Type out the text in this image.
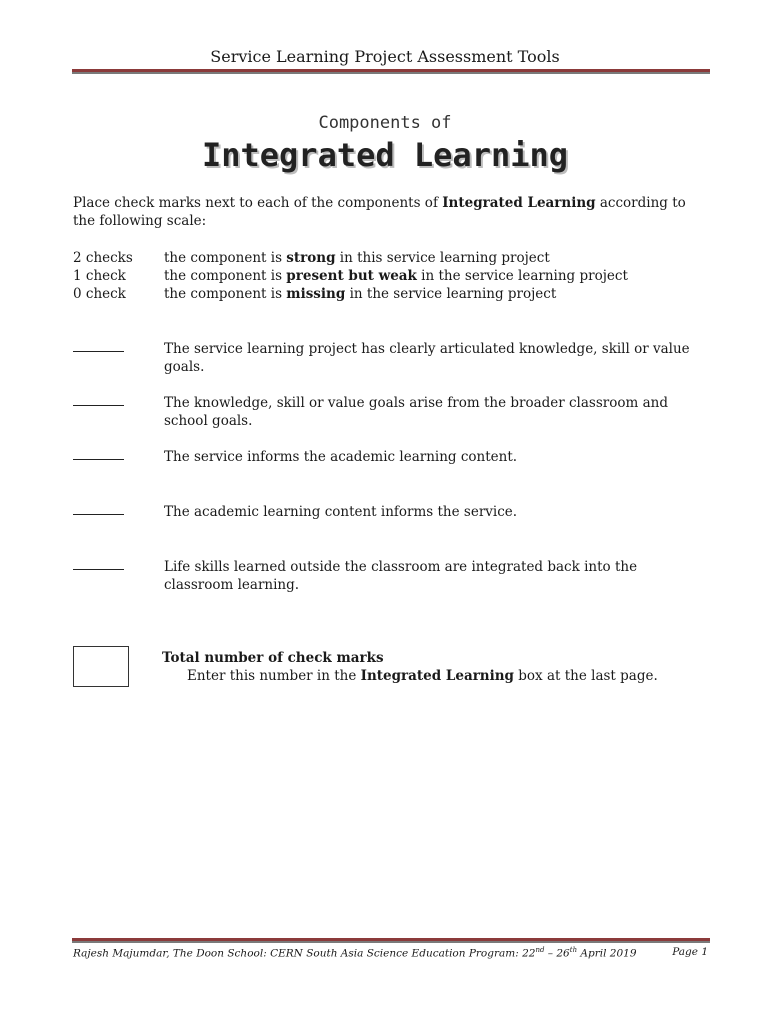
Service Learning Project Assessment Tools
Components of
Integrated Learning
Place check marks next to each of the components of Integrated Learning according to the following scale:
2 checks	the component is strong in this service learning project
1 check	the component is present but weak in the service learning project
0 check	the component is missing in the service learning project
The service learning project has clearly articulated knowledge, skill or value goals.
The knowledge, skill or value goals arise from the broader classroom and school goals.
The service informs the academic learning content.
The academic learning content informs the service.
Life skills learned outside the classroom are integrated back into the classroom learning.
Total number of check marks
Enter this number in the Integrated Learning box at the last page.
Rajesh Majumdar, The Doon School: CERN South Asia Science Education Program: 22nd – 26th April 2019	Page 1
